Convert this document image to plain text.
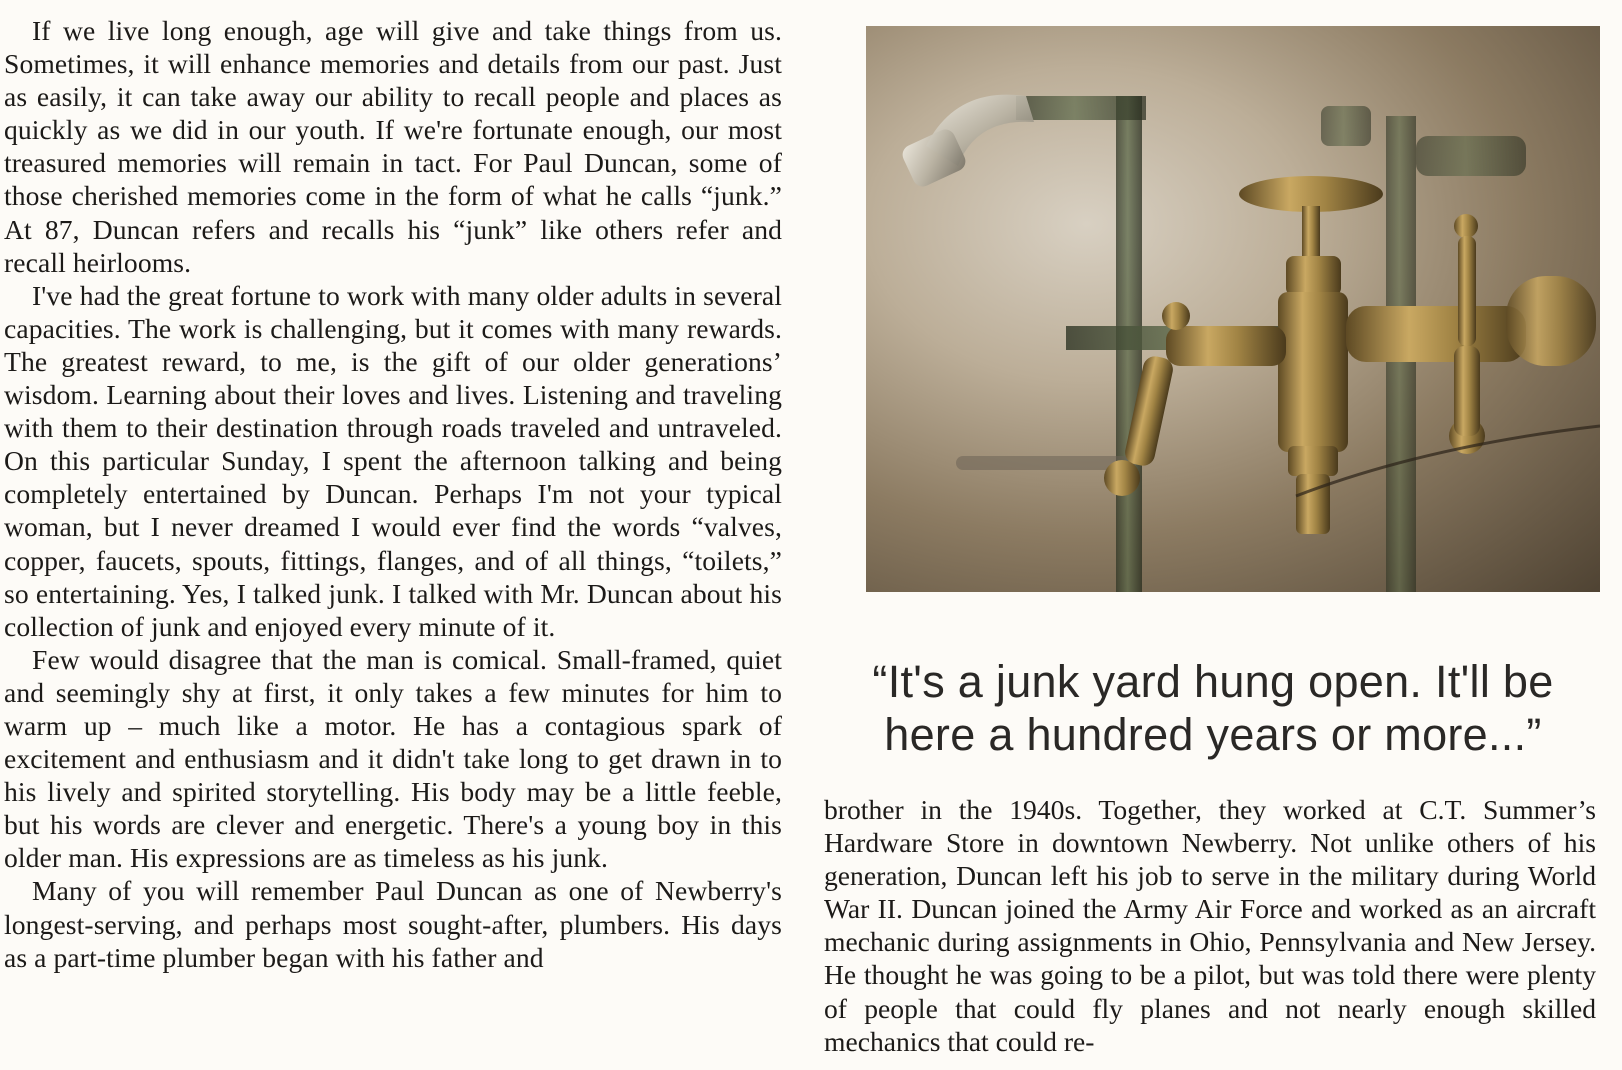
If we live long enough, age will give and take things from us. Sometimes, it will enhance memories and details from our past. Just as easily, it can take away our ability to recall people and places as quickly as we did in our youth. If we're fortunate enough, our most treasured memories will remain in tact. For Paul Duncan, some of those cherished memories come in the form of what he calls “junk.” At 87, Duncan refers and recalls his “junk” like others refer and recall heirlooms.

I've had the great fortune to work with many older adults in several capacities. The work is challenging, but it comes with many rewards. The greatest reward, to me, is the gift of our older generations’ wisdom. Learning about their loves and lives. Listening and traveling with them to their destination through roads traveled and untraveled. On this particular Sunday, I spent the afternoon talking and being completely entertained by Duncan. Perhaps I'm not your typical woman, but I never dreamed I would ever find the words “valves, copper, faucets, spouts, fittings, flanges, and of all things, “toilets,” so entertaining. Yes, I talked junk. I talked with Mr. Duncan about his collection of junk and enjoyed every minute of it.

Few would disagree that the man is comical. Small-framed, quiet and seemingly shy at first, it only takes a few minutes for him to warm up – much like a motor. He has a contagious spark of excitement and enthusiasm and it didn't take long to get drawn in to his lively and spirited storytelling. His body may be a little feeble, but his words are clever and energetic. There's a young boy in this older man. His expressions are as timeless as his junk.

Many of you will remember Paul Duncan as one of Newberry's longest-serving, and perhaps most sought-after, plumbers. His days as a part-time plumber began with his father and

“It's a junk yard hung open. It'll be
here a hundred years or more...”

brother in the 1940s. Together, they worked at C.T. Summer’s Hardware Store in downtown Newberry. Not unlike others of his generation, Duncan left his job to serve in the military during World War II. Duncan joined the Army Air Force and worked as an aircraft mechanic during assignments in Ohio, Pennsylvania and New Jersey. He thought he was going to be a pilot, but was told there were plenty of people that could fly planes and not nearly enough skilled mechanics that could re-
